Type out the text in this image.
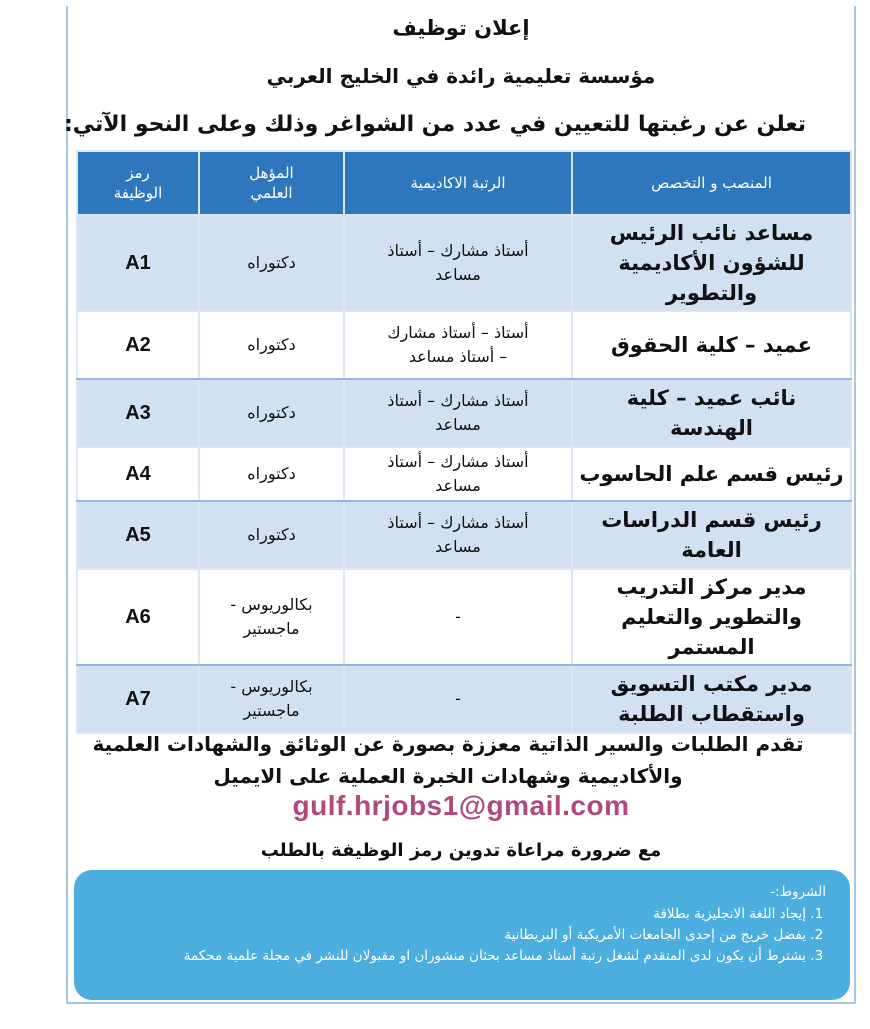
إعلان توظيف
مؤسسة تعليمية رائدة في الخليج العربي
تعلن عن رغبتها للتعيين في عدد من الشواغر وذلك وعلى النحو الآتي:
المنصب و التخصص	الرتبة الاكاديمية	المؤهل
العلمي	رمز
الوظيفة
مساعد نائب الرئيس
للشؤون الأكاديمية
والتطوير	أستاذ مشارك – أستاذ
مساعد	دكتوراه	A1
عميد – كلية الحقوق	أستاذ – أستاذ مشارك
– أستاذ مساعد	دكتوراه	A2
نائب عميد – كلية
الهندسة	أستاذ مشارك – أستاذ
مساعد	دكتوراه	A3
رئيس قسم علم الحاسوب	أستاذ مشارك – أستاذ
مساعد	دكتوراه	A4
رئيس قسم الدراسات
العامة	أستاذ مشارك – أستاذ
مساعد	دكتوراه	A5
مدير مركز التدريب
والتطوير والتعليم
المستمر	-	بكالوريوس -
ماجستير	A6
مدير مكتب التسويق
واستقطاب الطلبة	-	بكالوريوس -
ماجستير	A7
تقدم الطلبات والسير الذاتية معززة بصورة عن الوثائق والشهادات العلمية
والأكاديمية وشهادات الخبرة العملية على الايميل
gulf.hrjobs1@gmail.com
مع ضرورة مراعاة تدوين رمز الوظيفة بالطلب
الشروط:-
1. إيجاد اللغة الانجليزية بطلاقة
2. يفضل خريج من إحدى الجامعات الأمريكية أو البريطانية
3. يشترط أن يكون لدى المتقدم لشغل رتبة أستاذ مساعد بحثان منشوران او مقبولان للنشر في مجلة علمية محكمة
